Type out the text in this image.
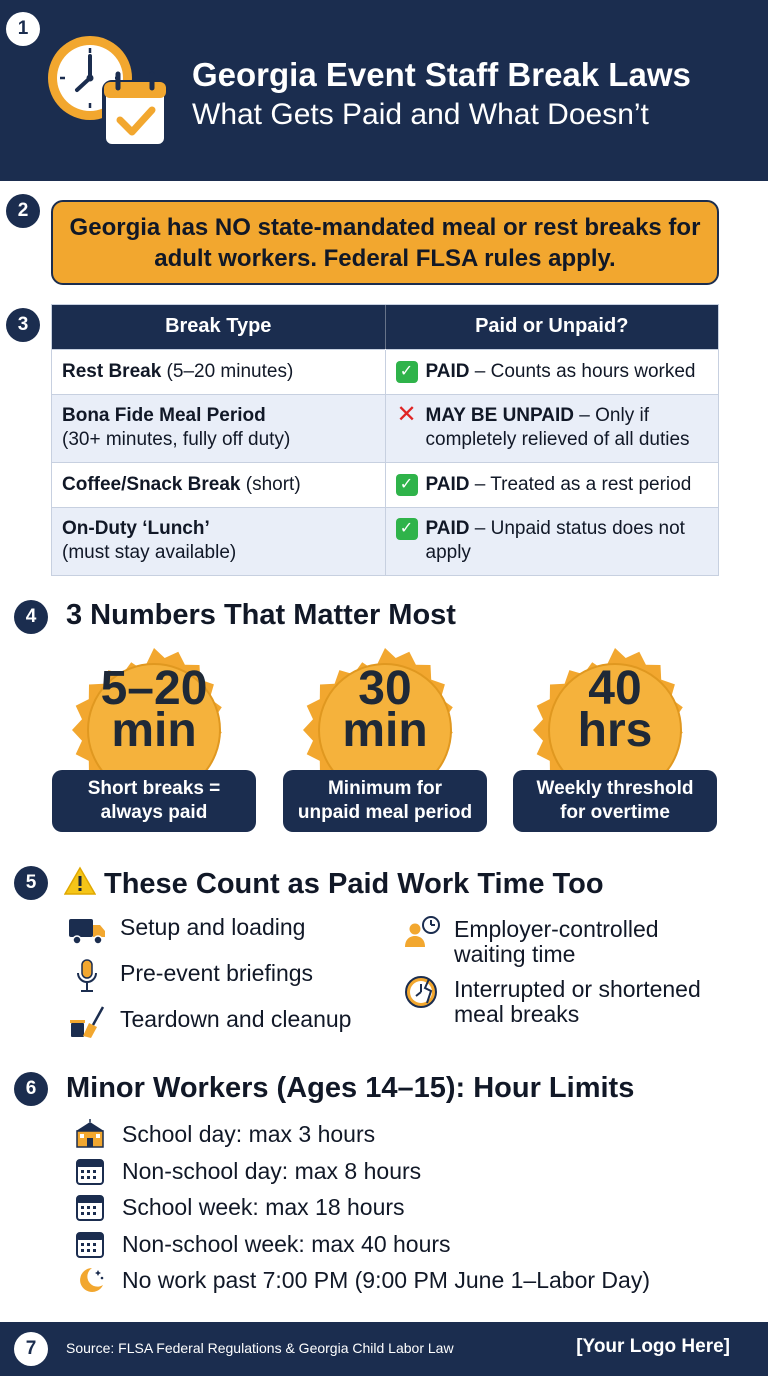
1
Georgia Event Staff Break Laws
What Gets Paid and What Doesn’t
2
Georgia has NO state-mandated meal or rest breaks for adult workers. Federal FLSA rules apply.
3	Break Type	Paid or Unpaid?
Rest Break (5–20 minutes)	✓ PAID – Counts as hours worked

Bona Fide Meal Period
(30+ minutes, fully off duty)	✕ MAY BE UNPAID – Only if completely relieved of all duties

Coffee/Snack Break (short)	✓ PAID – Treated as a rest period

On-Duty ‘Lunch’
(must stay available)	✓ PAID – Unpaid status does not apply
4	3 Numbers That Matter Most
5–20
min
Short breaks =
always paid
30
min
Minimum for
unpaid meal period
40
hrs
Weekly threshold
for overtime
5	These Count as Paid Work Time Too
Setup and loading
Pre-event briefings
Teardown and cleanup
Employer-controlled
waiting time
Interrupted or shortened
meal breaks
6	Minor Workers (Ages 14–15): Hour Limits
School day: max 3 hours
Non-school day: max 8 hours
School week: max 18 hours
Non-school week: max 40 hours
No work past 7:00 PM (9:00 PM June 1–Labor Day)
7	Source: FLSA Federal Regulations & Georgia Child Labor Law	[Your Logo Here]
